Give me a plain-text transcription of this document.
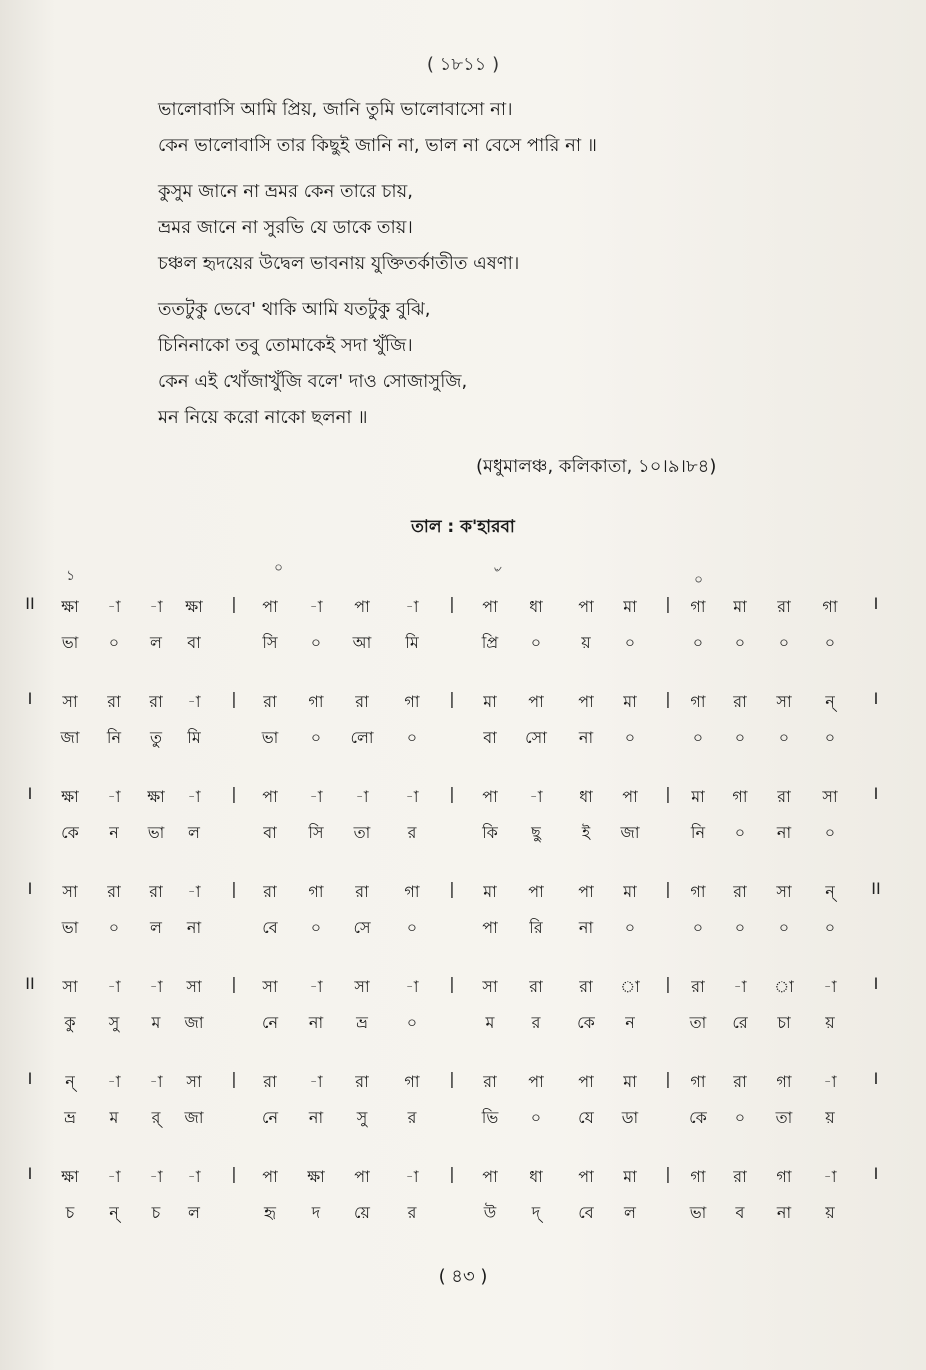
( ১৮১১ )
ভালোবাসি আমি প্রিয়, জানি তুমি ভালোবাসো না।
কেন ভালোবাসি তার কিছুই জানি না, ভাল না বেসে পারি না ॥
কুসুম জানে না ভ্রমর কেন তারে চায়,
ভ্রমর জানে না সুরভি যে ডাকে তায়।
চঞ্চল হৃদয়ের উদ্বেল ভাবনায় যুক্তিতর্কাতীত এষণা।
ততটুকু ভেবে' থাকি আমি যতটুকু বুঝি,
চিনিনাকো তবু তোমাকেই সদা খুঁজি।
কেন এই খোঁজাখুঁজি বলে' দাও সোজাসুজি,
মন নিয়ে করো নাকো ছলনা ॥
(মধুমালঞ্চ, কলিকাতা, ১০।৯।৮৪)
তাল : ক'হারবা
১	০	৺	০
II	|	|	|	I
ক্ষা	-া	-া	ক্ষা	পা	-া	পা	-া	পা	ধা	পা	মা	গা	মা	রা	গা
ভা	০	ল	বা	সি	০	আ	মি	প্রি	০	য়	০	০	০	০	০
I	|	|	|	I
সা	রা	রা	-া	রা	গা	রা	গা	মা	পা	পা	মা	গা	রা	সা	ন্
জা	নি	তু	মি	ভা	০	লো	০	বা	সো	না	০	০	০	০	০
I	|	|	|	I
ক্ষা	-া	ক্ষা	-া	পা	-া	-া	-া	পা	-া	ধা	পা	মা	গা	রা	সা
কে	ন	ভা	ল	বা	সি	তা	র	কি	ছু	ই	জা	নি	০	না	০
I	|	|	|	II
সা	রা	রা	-া	রা	গা	রা	গা	মা	পা	পা	মা	গা	রা	সা	ন্
ভা	০	ল	না	বে	০	সে	০	পা	রি	না	০	০	০	০	০
II	|	|	|	I
সা	-া	-া	সা	সা	-া	সা	-া	সা	রা	রা	া	রা	-া	া	-া
কু	সু	ম	জা	নে	না	ভ্র	০	ম	র	কে	ন	তা	রে	চা	য়
I	|	|	|	I
ন্	-া	-া	সা	রা	-া	রা	গা	রা	পা	পা	মা	গা	রা	গা	-া
ভ্র	ম	র্	জা	নে	না	সু	র	ভি	০	যে	ডা	কে	০	তা	য়
I	|	|	|	I
ক্ষা	-া	-া	-া	পা	ক্ষা	পা	-া	পা	ধা	পা	মা	গা	রা	গা	-া
চ	ন্	চ	ল	হৃ	দ	য়ে	র	উ	দ্	বে	ল	ভা	ব	না	য়
( ৪৩ )
